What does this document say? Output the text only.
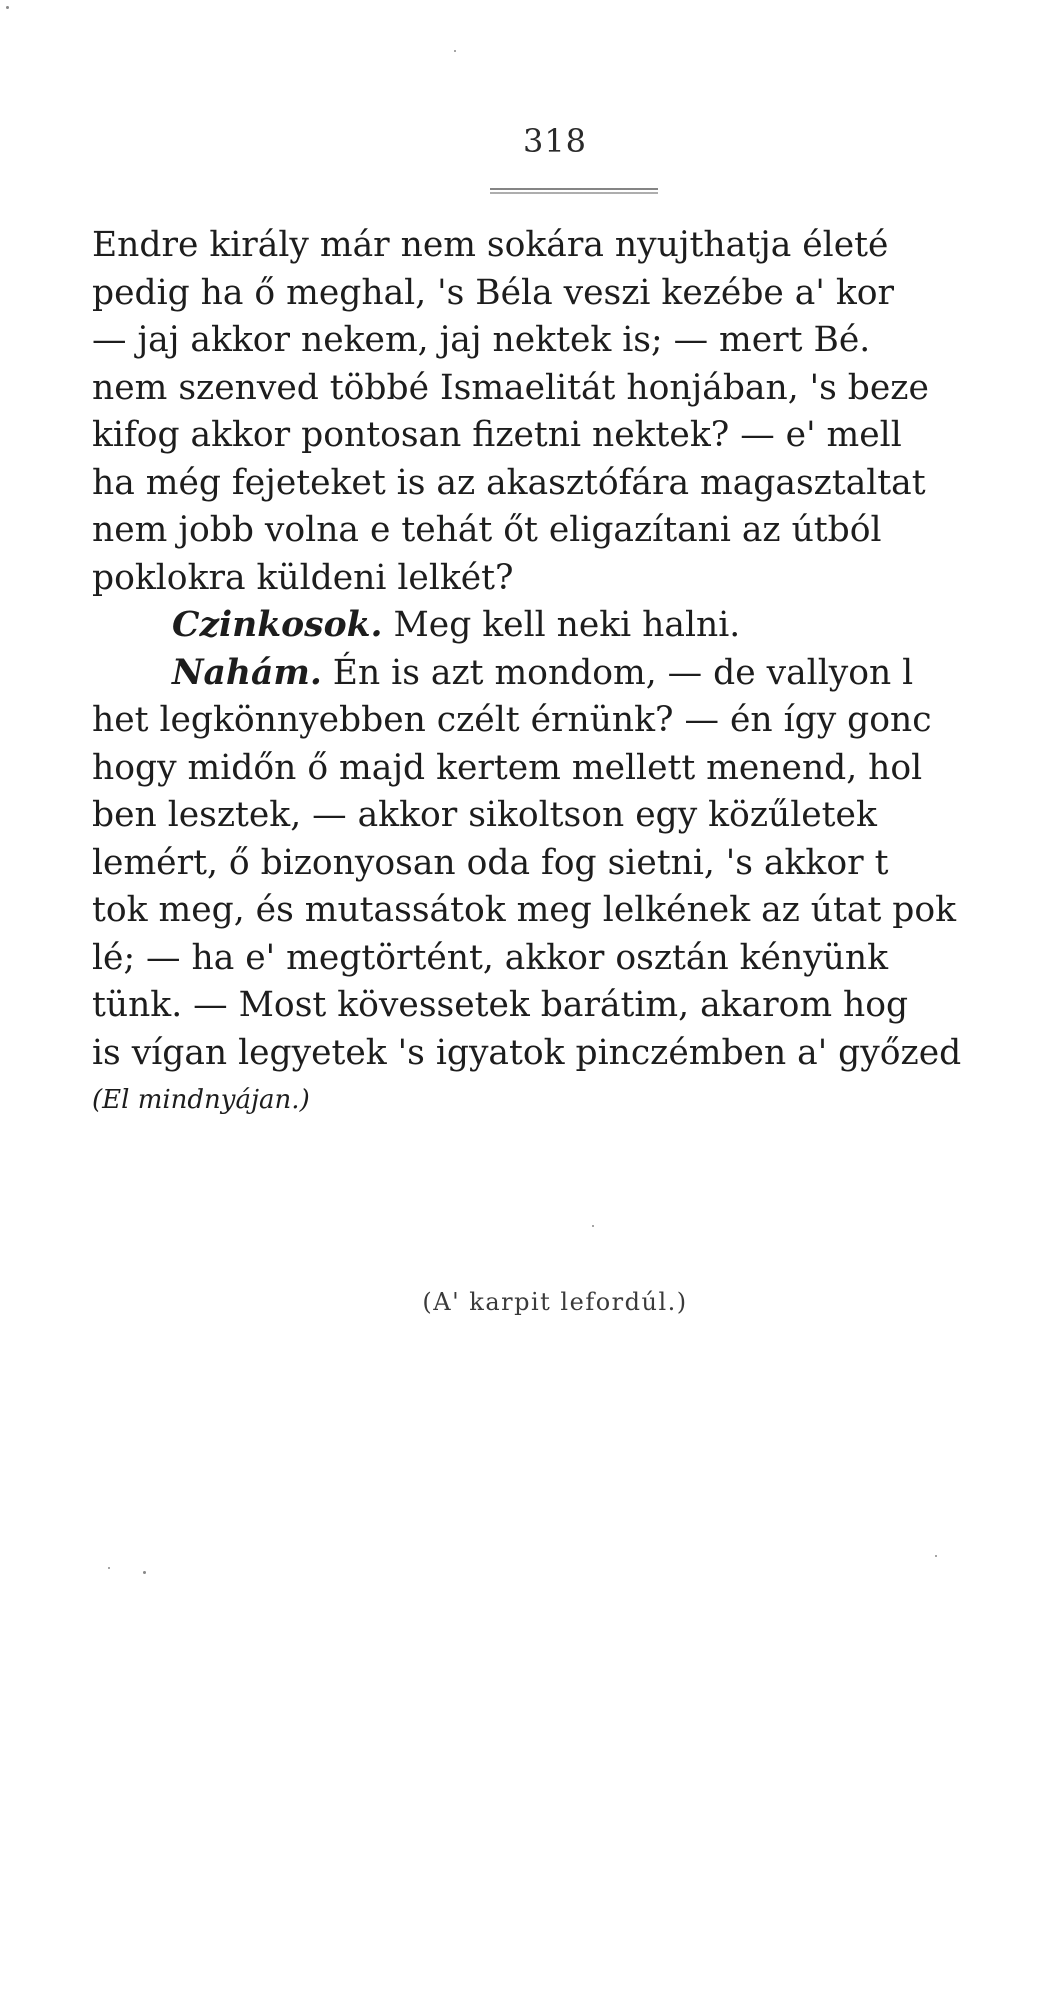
318
Endre király már nem sokára nyujthatja életé
pedig ha ő meghal, 's Béla veszi kezébe a' kor
— jaj akkor nekem, jaj nektek is; — mert Bé.
nem szenved többé Ismaelitát honjában, 's beze
kifog akkor pontosan fizetni nektek? — e' mell
ha még fejeteket is az akasztófára magasztaltat
nem jobb volna e tehát őt eligazítani az útból
poklokra küldeni lelkét?
Czinkosok. Meg kell neki halni.
Nahám. Én is azt mondom, — de vallyon l
het legkönnyebben czélt érnünk? — én így gonc
hogy midőn ő majd kertem mellett menend, hol
ben lesztek, — akkor sikoltson egy közűletek
lemért, ő bizonyosan oda fog sietni, 's akkor t
tok meg, és mutassátok meg lelkének az útat pok
lé; — ha e' megtörtént, akkor osztán kényünk
tünk. — Most kövessetek barátim, akarom hog
is vígan legyetek 's igyatok pinczémben a' győzed
(El mindnyájan.)
(A' karpit lefordúl.)
